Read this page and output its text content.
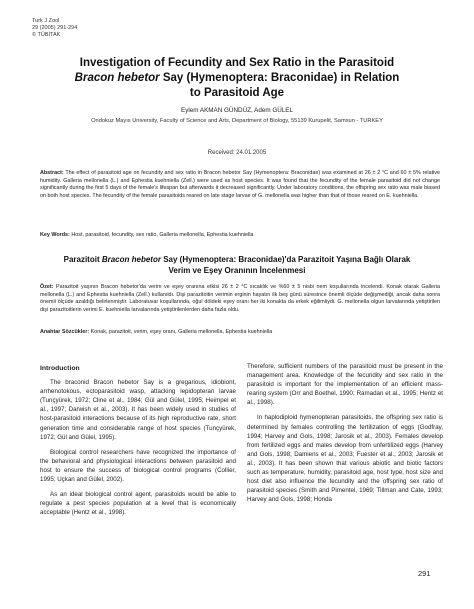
Turk J Zool
29 (2005) 291-294
© TÜBİTAK
Investigation of Fecundity and Sex Ratio in the Parasitoid
Bracon hebetor Say (Hymenoptera: Braconidae) in Relation
to Parasitoid Age
Eylem AKMAN GÜNDÜZ, Adem GÜLEL
Ondokuz Mayıs University, Faculty of Science and Arts, Department of Biology, 55139 Kurupelit, Samsun - TURKEY
Received: 24.01.2005
Abstract: The effect of parasitoid age on fecundity and sex ratio in Bracon hebetor Say (Hymenoptera: Braconidae) was examined at 26 ± 2 °C and 60 ± 5% relative humidity. Galleria mellonella (L.) and Ephestia kuehniella (Zell.) were used as host species. It was found that the fecundity of the female parasitoid did not change significantly during the first 5 days of the female's lifespan but afterwards it decreased significantly. Under laboratory conditions, the offspring sex ratio was male biased on both host species. The fecundity of the female parasitoids reared on late stage larvae of G. mellonella was higher than that of those reared on E. kuehniella.
Key Words: Host, parasitoid, fecundity, sex ratio, Galleria mellonella, Ephestia kuehniella
Parazitoit Bracon hebetor Say (Hymenoptera: Braconidae)'da Parazitoit Yaşına Bağlı Olarak
Verim ve Eşey Oranının İncelenmesi
Özet: Parazitoit yaşının Bracon hebetor'da verim ve eşey oranına etkisi 26 ± 2 °C sıcaklık ve %60 ± 5 nisbi nem koşullarında incelendi. Konak olarak Galleria mellonella (L.) and Ephestia kuehniella (Zell.) kullanıldı. Dişi parazitoitin verimin erginin hayatın ilk beş günü süresince önemli ölçüde değişmediği, ancak daha sonra önemli ölçüde azaldığı belirlenmiştir. Laboratuvar koşullarında, oğul döldeki eşey oranı her iki konakta da erkek eğilimliydi. G. mellonella olgun larvalarında yetiştirilen dişi parazitoitlerin verimi E. kuehniella larvalarında yetiştirilenlerden daha fazla oldu.
Anahtar Sözcükler: Konak, parazitoit, verim, eşey oranı, Galleria mellonella, Ephestia kuehniella
Introduction

The braconid Bracon hebetor Say is a gregarious, idiobiont, arrhenotokous, ectoparasitoid wasp, attacking lepidopteran larvae (Tunçyürek, 1972; Cline et al., 1984; Gül and Gülel, 1995; Heimpel et al., 1997; Darwish et al., 2003). It has been widely used in studies of host-parasitoid interactions because of its high reproductive rate, short generation time and considerable range of host species (Tunçyürek, 1972; Gül and Gülel, 1995).

Biological control researchers have recognized the importance of the behavioral and physiological interactions between parasitoid and host to ensure the success of biological control programs (Collier, 1995; Uçkan and Gülel, 2002).

As an ideal biological control agent, parasitoids would be able to regulate a pest species population at a level that is economically acceptable (Hentz et al., 1998).

Therefore, sufficient numbers of the parasitoid must be present in the management area. Knowledge of the fecundity and sex ratio in the parasitoid is important for the implementation of an efficient mass-rearing system (Orr and Boethel, 1990; Ramadan et al., 1995; Hentz et al., 1998).

In haplodiploid hymenopteran parasitoids, the offspring sex ratio is determined by females controlling the fertilization of eggs (Godfray, 1994; Harvey and Gols, 1998; Jarosik et al., 2003). Females develop from fertilized eggs and males develop from unfertilized eggs (Harvey and Gols, 1998; Damiens et al., 2003; Fuester et al., 2003; Jarosik et al., 2003). It has been shown that various abiotic and biotic factors such as temperature, humidity, parasitoid age, host type, host size and host diet also influence the fecundity and the offspring sex ratio of parasitoid species (Smith and Pimentel, 1969; Tillman and Cate, 1993; Harvey and Gols, 1998; Honda

291
